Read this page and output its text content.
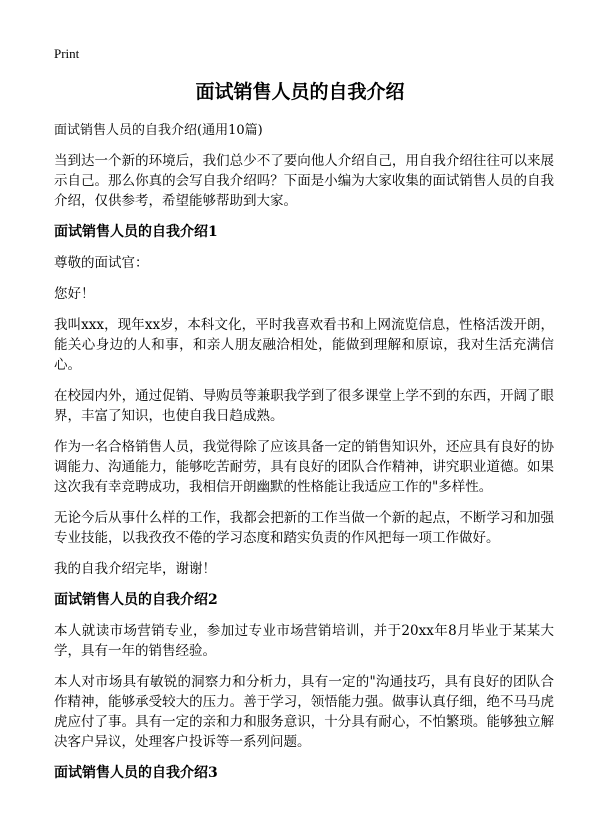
Print
面试销售人员的自我介绍
面试销售人员的自我介绍(通用10篇)
当到达一个新的环境后，我们总少不了要向他人介绍自己，用自我介绍往往可以来展示自己。那么你真的会写自我介绍吗？下面是小编为大家收集的面试销售人员的自我介绍，仅供参考，希望能够帮助到大家。
面试销售人员的自我介绍1
尊敬的面试官：
您好！
我叫xxx，现年xx岁，本科文化，平时我喜欢看书和上网流览信息，性格活泼开朗，能关心身边的人和事，和亲人朋友融洽相处，能做到理解和原谅，我对生活充满信心。
在校园内外，通过促销、导购员等兼职我学到了很多课堂上学不到的东西，开阔了眼界，丰富了知识，也使自我日趋成熟。
作为一名合格销售人员，我觉得除了应该具备一定的销售知识外，还应具有良好的协调能力、沟通能力，能够吃苦耐劳，具有良好的团队合作精神，讲究职业道德。如果这次我有幸竞聘成功，我相信开朗幽默的性格能让我适应工作的"多样性。
无论今后从事什么样的工作，我都会把新的工作当做一个新的起点，不断学习和加强专业技能，以我孜孜不倦的学习态度和踏实负责的作风把每一项工作做好。
我的自我介绍完毕，谢谢！
面试销售人员的自我介绍2
本人就读市场营销专业，参加过专业市场营销培训，并于20xx年8月毕业于某某大学，具有一年的销售经验。
本人对市场具有敏锐的洞察力和分析力，具有一定的"沟通技巧，具有良好的团队合作精神，能够承受较大的压力。善于学习，领悟能力强。做事认真仔细，绝不马马虎虎应付了事。具有一定的亲和力和服务意识，十分具有耐心，不怕繁琐。能够独立解决客户异议，处理客户投诉等一系列问题。
面试销售人员的自我介绍3
